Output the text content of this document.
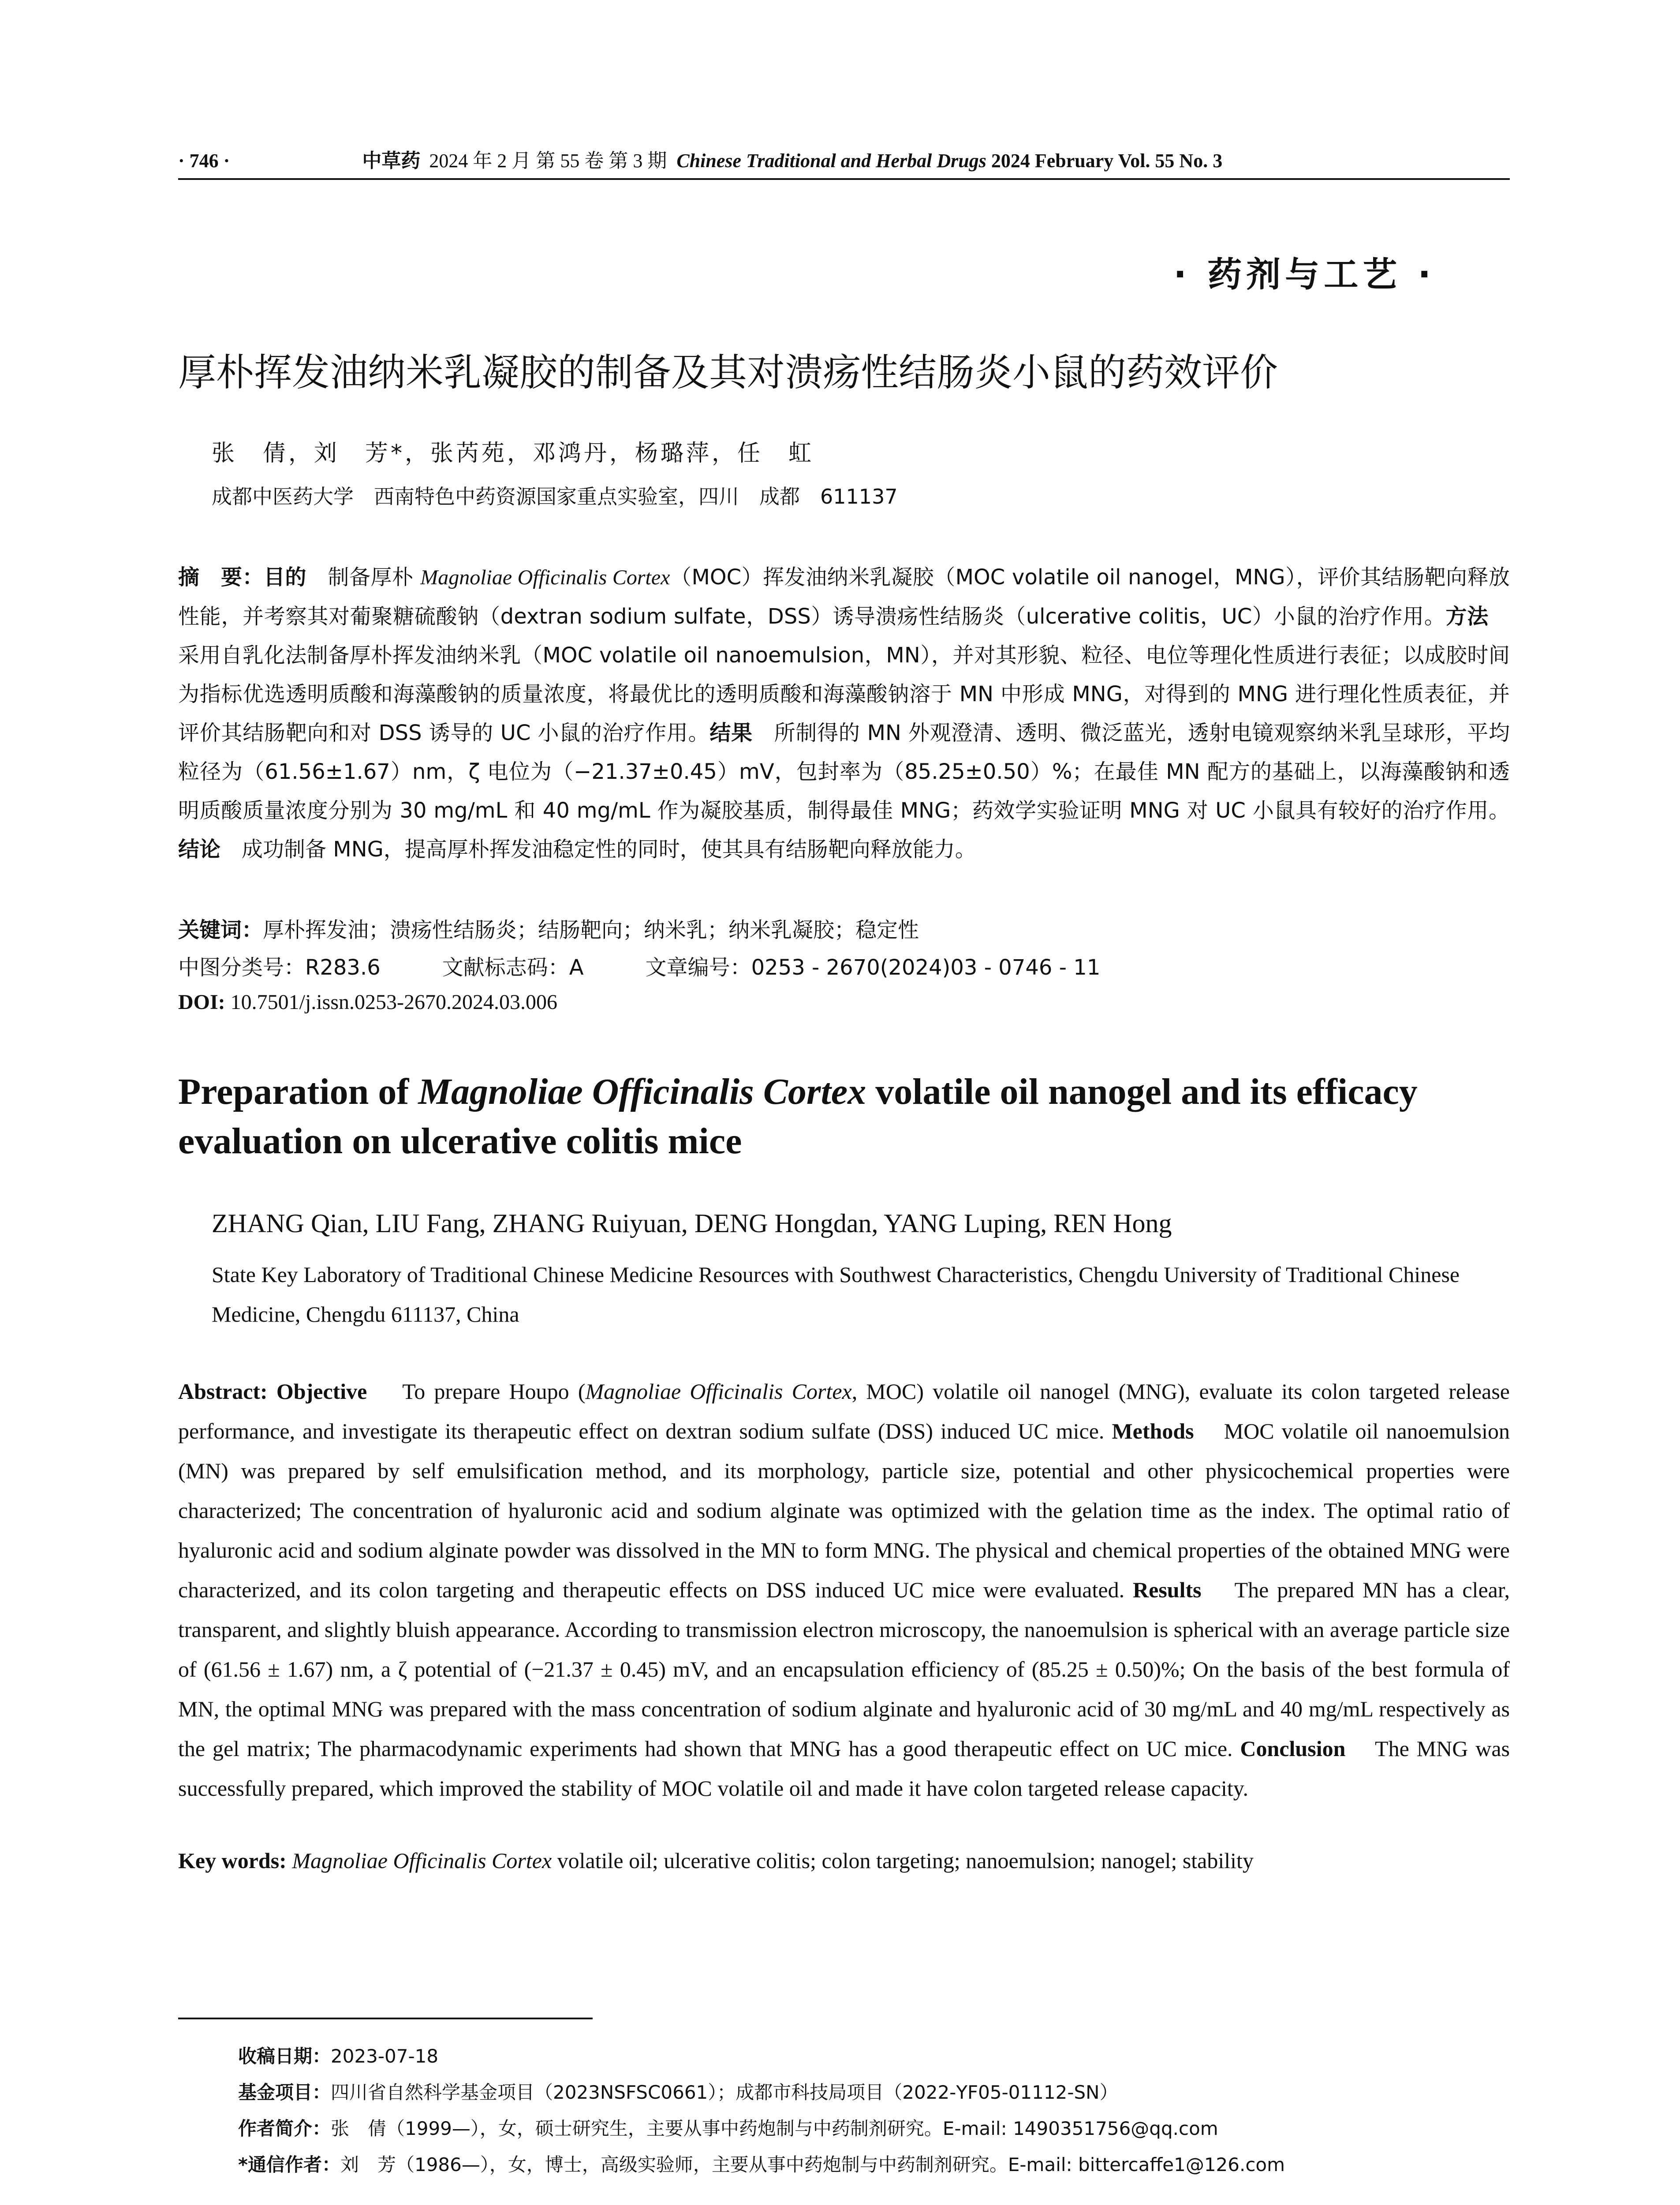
· 746 ·	中草药 2024 年 2 月 第 55 卷 第 3 期 Chinese Traditional and Herbal Drugs 2024 February Vol. 55 No. 3
· 药剂与工艺 ·
厚朴挥发油纳米乳凝胶的制备及其对溃疡性结肠炎小鼠的药效评价
张　倩，刘　芳*，张芮苑，邓鸿丹，杨璐萍，任　虹
成都中医药大学　西南特色中药资源国家重点实验室，四川　成都　611137
摘　要：目的　制备厚朴 Magnoliae Officinalis Cortex（MOC）挥发油纳米乳凝胶（MOC volatile oil nanogel，MNG），评价其结肠靶向释放性能，并考察其对葡聚糖硫酸钠（dextran sodium sulfate，DSS）诱导溃疡性结肠炎（ulcerative colitis，UC）小鼠的治疗作用。方法　采用自乳化法制备厚朴挥发油纳米乳（MOC volatile oil nanoemulsion，MN），并对其形貌、粒径、电位等理化性质进行表征；以成胶时间为指标优选透明质酸和海藻酸钠的质量浓度，将最优比的透明质酸和海藻酸钠溶于 MN 中形成 MNG，对得到的 MNG 进行理化性质表征，并评价其结肠靶向和对 DSS 诱导的 UC 小鼠的治疗作用。结果　所制得的 MN 外观澄清、透明、微泛蓝光，透射电镜观察纳米乳呈球形，平均粒径为（61.56±1.67）nm，ζ 电位为（−21.37±0.45）mV，包封率为（85.25±0.50）%；在最佳 MN 配方的基础上，以海藻酸钠和透明质酸质量浓度分别为 30 mg/mL 和 40 mg/mL 作为凝胶基质，制得最佳 MNG；药效学实验证明 MNG 对 UC 小鼠具有较好的治疗作用。结论　成功制备 MNG，提高厚朴挥发油稳定性的同时，使其具有结肠靶向释放能力。
关键词：厚朴挥发油；溃疡性结肠炎；结肠靶向；纳米乳；纳米乳凝胶；稳定性
中图分类号：R283.6	文献标志码：A	文章编号：0253 - 2670(2024)03 - 0746 - 11
DOI: 10.7501/j.issn.0253-2670.2024.03.006
Preparation of Magnoliae Officinalis Cortex volatile oil nanogel and its efficacy evaluation on ulcerative colitis mice
ZHANG Qian, LIU Fang, ZHANG Ruiyuan, DENG Hongdan, YANG Luping, REN Hong
State Key Laboratory of Traditional Chinese Medicine Resources with Southwest Characteristics, Chengdu University of Traditional Chinese Medicine, Chengdu 611137, China
Abstract: Objective    To prepare Houpo (Magnoliae Officinalis Cortex, MOC) volatile oil nanogel (MNG), evaluate its colon targeted release performance, and investigate its therapeutic effect on dextran sodium sulfate (DSS) induced UC mice. Methods    MOC volatile oil nanoemulsion (MN) was prepared by self emulsification method, and its morphology, particle size, potential and other physicochemical properties were characterized; The concentration of hyaluronic acid and sodium alginate was optimized with the gelation time as the index. The optimal ratio of hyaluronic acid and sodium alginate powder was dissolved in the MN to form MNG. The physical and chemical properties of the obtained MNG were characterized, and its colon targeting and therapeutic effects on DSS induced UC mice were evaluated. Results    The prepared MN has a clear, transparent, and slightly bluish appearance. According to transmission electron microscopy, the nanoemulsion is spherical with an average particle size of (61.56 ± 1.67) nm, a ζ potential of (−21.37 ± 0.45) mV, and an encapsulation efficiency of (85.25 ± 0.50)%; On the basis of the best formula of MN, the optimal MNG was prepared with the mass concentration of sodium alginate and hyaluronic acid of 30 mg/mL and 40 mg/mL respectively as the gel matrix; The pharmacodynamic experiments had shown that MNG has a good therapeutic effect on UC mice. Conclusion    The MNG was successfully prepared, which improved the stability of MOC volatile oil and made it have colon targeted release capacity.
Key words: Magnoliae Officinalis Cortex volatile oil; ulcerative colitis; colon targeting; nanoemulsion; nanogel; stability
收稿日期：2023-07-18
基金项目：四川省自然科学基金项目（2023NSFSC0661）；成都市科技局项目（2022-YF05-01112-SN）
作者简介：张　倩（1999—），女，硕士研究生，主要从事中药炮制与中药制剂研究。E-mail: 1490351756@qq.com
*通信作者：刘　芳（1986—），女，博士，高级实验师，主要从事中药炮制与中药制剂研究。E-mail: bittercaffe1@126.com
